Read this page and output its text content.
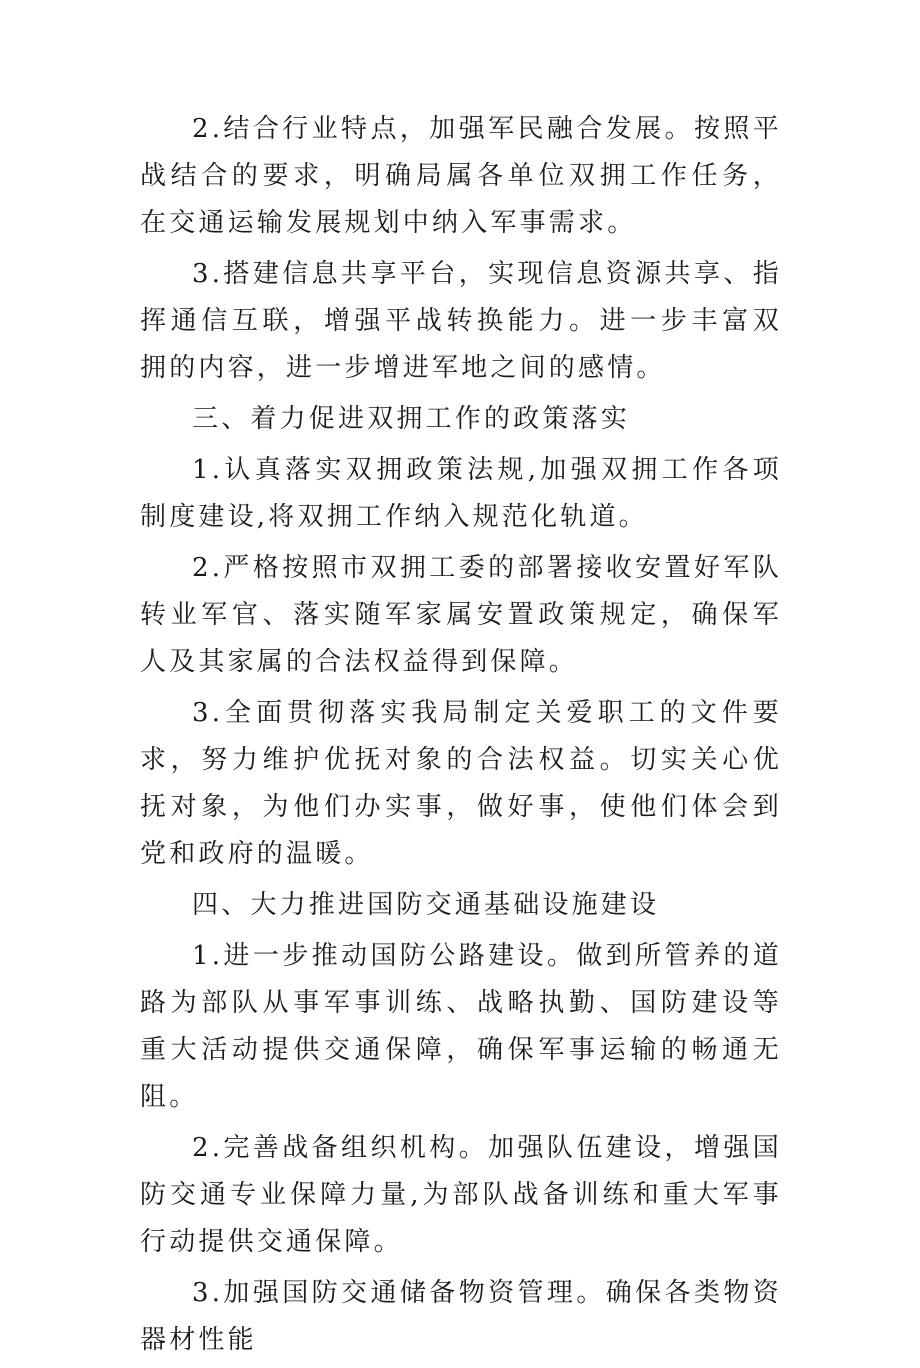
2.结合行业特点，加强军民融合发展。按照平战结合的要求，明确局属各单位双拥工作任务，在交通运输发展规划中纳入军事需求。

3.搭建信息共享平台，实现信息资源共享、指挥通信互联，增强平战转换能力。进一步丰富双拥的内容，进一步增进军地之间的感情。

三、着力促进双拥工作的政策落实

1.认真落实双拥政策法规,加强双拥工作各项制度建设,将双拥工作纳入规范化轨道。

2.严格按照市双拥工委的部署接收安置好军队转业军官、落实随军家属安置政策规定，确保军人及其家属的合法权益得到保障。

3.全面贯彻落实我局制定关爱职工的文件要求，努力维护优抚对象的合法权益。切实关心优抚对象，为他们办实事，做好事，使他们体会到党和政府的温暖。

四、大力推进国防交通基础设施建设

1.进一步推动国防公路建设。做到所管养的道路为部队从事军事训练、战略执勤、国防建设等重大活动提供交通保障，确保军事运输的畅通无阻。

2.完善战备组织机构。加强队伍建设，增强国防交通专业保障力量,为部队战备训练和重大军事行动提供交通保障。

3.加强国防交通储备物资管理。确保各类物资器材性能
